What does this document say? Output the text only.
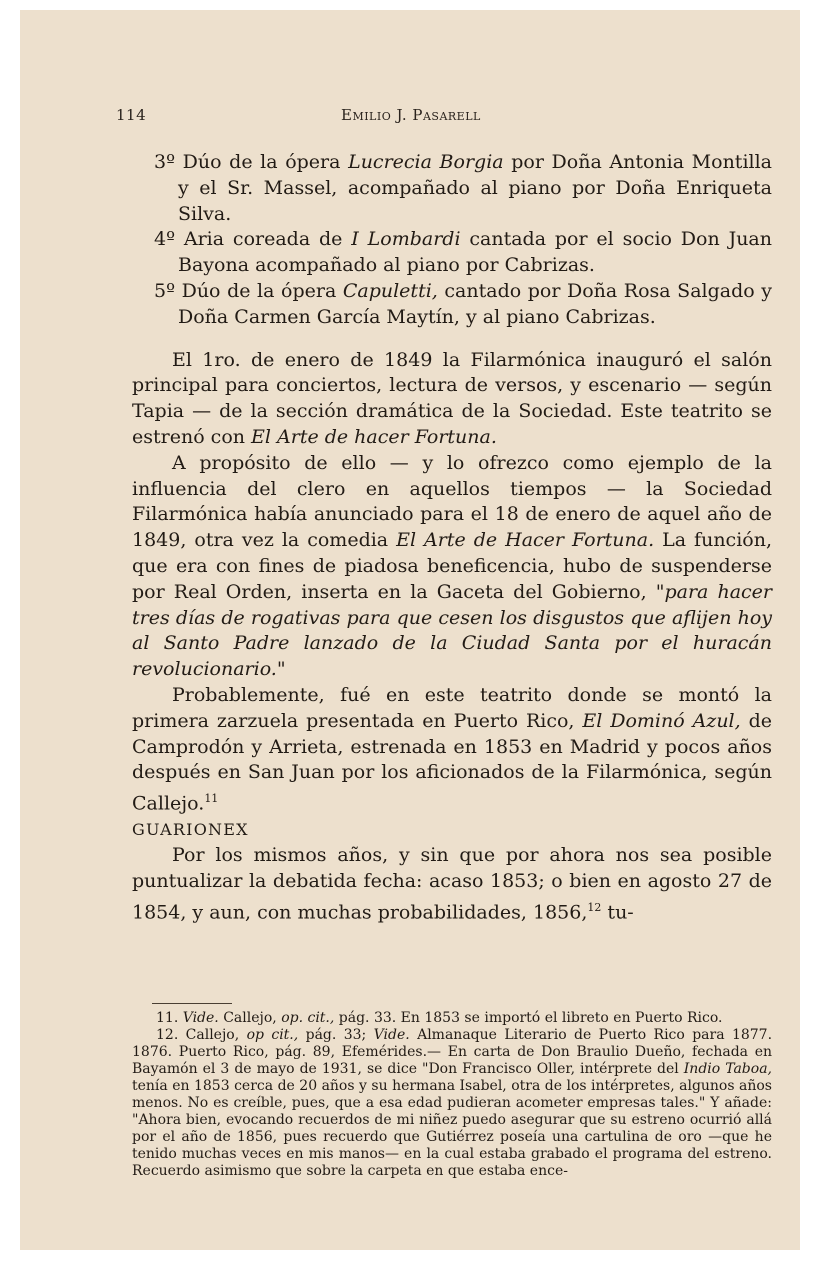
114	Emilio J. Pasarell

3º Dúo de la ópera Lucrecia Borgia por Doña Antonia Montilla y el Sr. Massel, acompañado al piano por Doña Enriqueta Silva.

4º Aria coreada de I Lombardi cantada por el socio Don Juan Bayona acompañado al piano por Cabrizas.

5º Dúo de la ópera Capuletti, cantado por Doña Rosa Salgado y Doña Carmen García Maytín, y al piano Cabrizas.

El 1ro. de enero de 1849 la Filarmónica inauguró el salón principal para conciertos, lectura de versos, y escenario — según Tapia — de la sección dramática de la Sociedad. Este teatrito se estrenó con El Arte de hacer Fortuna.

A propósito de ello — y lo ofrezco como ejemplo de la influencia del clero en aquellos tiempos — la Sociedad Filarmónica había anunciado para el 18 de enero de aquel año de 1849, otra vez la comedia El Arte de Hacer Fortuna. La función, que era con fines de piadosa beneficencia, hubo de suspenderse por Real Orden, inserta en la Gaceta del Gobierno, "para hacer tres días de rogativas para que cesen los disgustos que aflijen hoy al Santo Padre lanzado de la Ciudad Santa por el huracán revolucionario."

Probablemente, fué en este teatrito donde se montó la primera zarzuela presentada en Puerto Rico, El Dominó Azul, de Camprodón y Arrieta, estrenada en 1853 en Madrid y pocos años después en San Juan por los aficionados de la Filarmónica, según Callejo.$^{11}$

GUARIONEX

Por los mismos años, y sin que por ahora nos sea posible puntualizar la debatida fecha: acaso 1853; o bien en agosto 27 de 1854, y aun, con muchas probabilidades, 1856,12 tu-

11. Vide. Callejo, op. cit., pág. 33. En 1853 se importó el libreto en Puerto Rico.

12. Callejo, op cit., pág. 33; Vide. Almanaque Literario de Puerto Rico para 1877. 1876. Puerto Rico, pág. 89, Efemérides.— En carta de Don Braulio Dueño, fechada en Bayamón el 3 de mayo de 1931, se dice "Don Francisco Oller, intérprete del Indio Taboa, tenía en 1853 cerca de 20 años y su hermana Isabel, otra de los intérpretes, algunos años menos. No es creíble, pues, que a esa edad pudieran acometer empresas tales." Y añade: "Ahora bien, evocando recuerdos de mi niñez puedo asegurar que su estreno ocurrió allá por el año de 1856, pues recuerdo que Gutiérrez poseía una cartulina de oro —que he tenido muchas veces en mis manos— en la cual estaba grabado el programa del estreno. Recuerdo asimismo que sobre la carpeta en que estaba ence-
